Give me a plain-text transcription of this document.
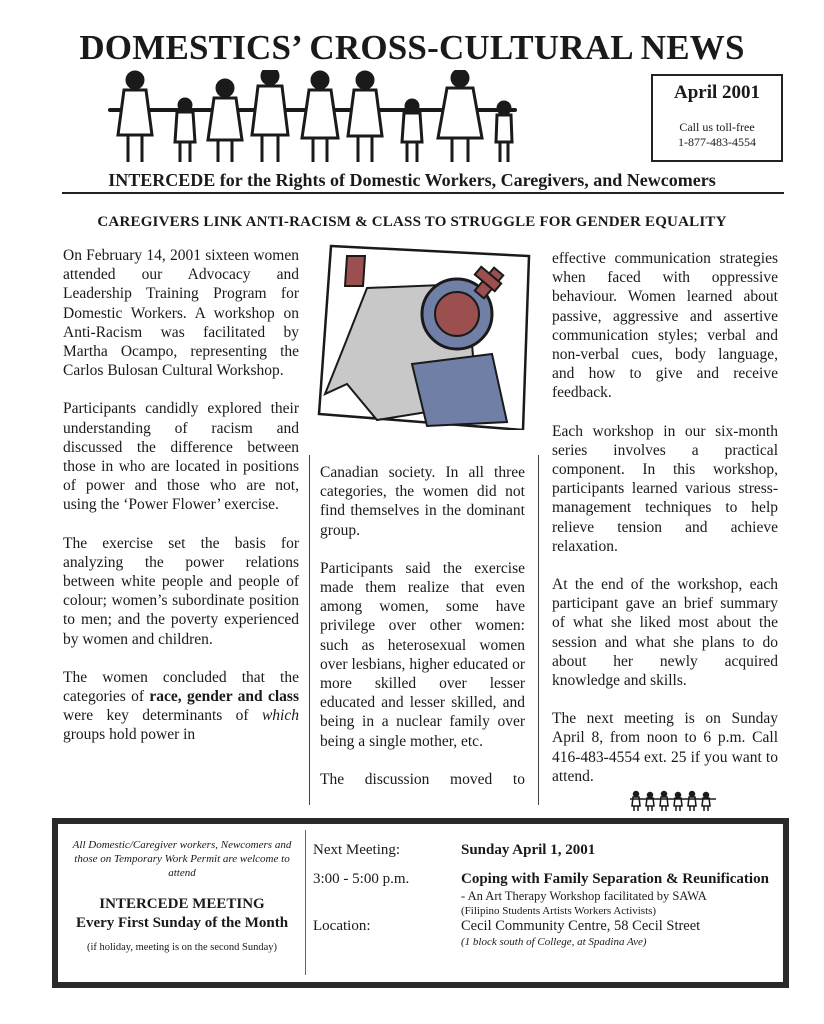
DOMESTICS’ CROSS-CULTURAL NEWS
April 2001
Call us toll-free
1-877-483-4554
INTERCEDE for the Rights of Domestic Workers, Caregivers, and Newcomers
CAREGIVERS LINK ANTI-RACISM & CLASS TO STRUGGLE FOR GENDER EQUALITY

On February 14, 2001 sixteen women attended our Advocacy and Leadership Training Program for Domestic Workers. A workshop on Anti-Racism was facilitated by Martha Ocampo, representing the Carlos Bulosan Cultural Workshop.

Participants candidly explored their understanding of racism and discussed the difference between those in who are located in positions of power and those who are not, using the ‘Power Flower’ exercise.

The exercise set the basis for analyzing the power relations between white people and people of colour; women’s subordinate position to men; and the poverty experienced by women and children.

The women concluded that the categories of race, gender and class were key determinants of which groups hold power in

Canadian society. In all three categories, the women did not find themselves in the dominant group.

Participants said the exercise made them realize that even among women, some have privilege over other women: such as heterosexual women over lesbians, higher educated or more skilled over lesser educated and lesser skilled, and being in a nuclear family over being a single mother, etc.

The discussion moved to

effective communication strategies when faced with oppressive behaviour. Women learned about passive, aggressive and assertive communication styles; verbal and non-verbal cues, body language, and how to give and receive feedback.

Each workshop in our six-month series involves a practical component. In this workshop, participants learned various stress-management techniques to help relieve tension and achieve relaxation.

At the end of the workshop, each participant gave an brief summary of what she liked most about the session and what she plans to do about her newly acquired knowledge and skills.

The next meeting is on Sunday April 8, from noon to 6 p.m. Call 416-483-4554 ext. 25 if you want to attend.

All Domestic/Caregiver workers, Newcomers and those on Temporary Work Permit are welcome to attend
INTERCEDE MEETING
Every First Sunday of the Month
(if holiday, meeting is on the second Sunday)
Next Meeting:	Sunday April 1, 2001
3:00 - 5:00 p.m.	Coping with Family Separation & Reunification
- An Art Therapy Workshop facilitated by SAWA
(Filipino Students Artists Workers Activists)
Location:	Cecil Community Centre, 58 Cecil Street
(1 block south of College, at Spadina Ave)
